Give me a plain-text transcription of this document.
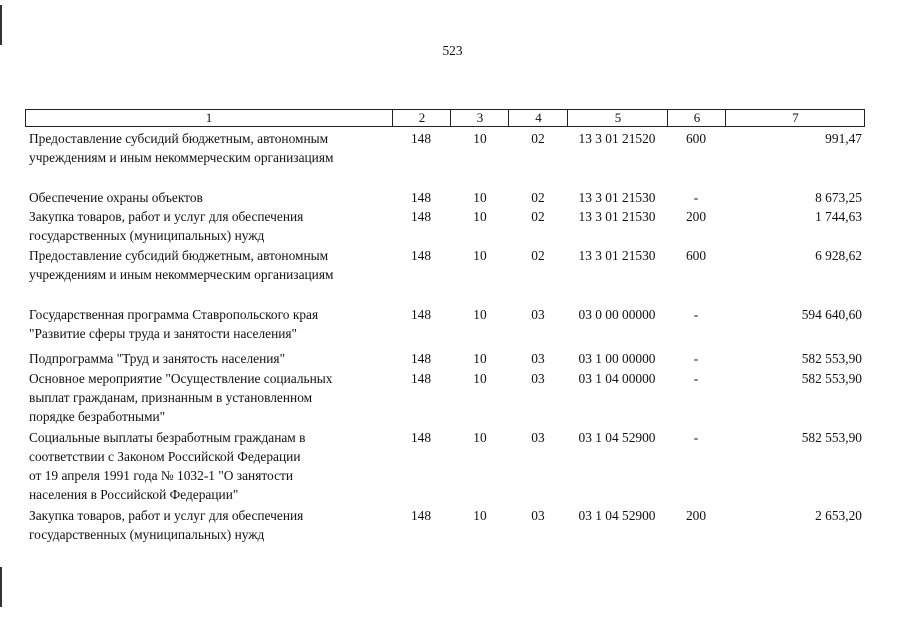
523
1	2	3	4	5	6	7
Предоставление субсидий бюджетным, автономным
учреждениям и иным некоммерческим организациям
148	10	02	13 3 01 21520	600	991,47
Обеспечение охраны объектов	148	10	02	13 3 01 21530	-	8 673,25
Закупка товаров, работ и услуг для обеспечения
государственных (муниципальных) нужд
148	10	02	13 3 01 21530	200	1 744,63
Предоставление субсидий бюджетным, автономным
учреждениям и иным некоммерческим организациям
148	10	02	13 3 01 21530	600	6 928,62
Государственная программа Ставропольского края
"Развитие сферы труда и занятости населения"
148	10	03	03 0 00 00000	-	594 640,60
Подпрограмма "Труд и занятость населения"	148	10	03	03 1 00 00000	-	582 553,90
Основное мероприятие "Осуществление социальных
выплат гражданам, признанным в установленном
порядке безработными"
148	10	03	03 1 04 00000	-	582 553,90
Социальные выплаты безработным гражданам в
соответствии с Законом Российской Федерации
от 19 апреля 1991 года № 1032-1 "О занятости
населения в Российской Федерации"
148	10	03	03 1 04 52900	-	582 553,90
Закупка товаров, работ и услуг для обеспечения
государственных (муниципальных) нужд
148	10	03	03 1 04 52900	200	2 653,20
